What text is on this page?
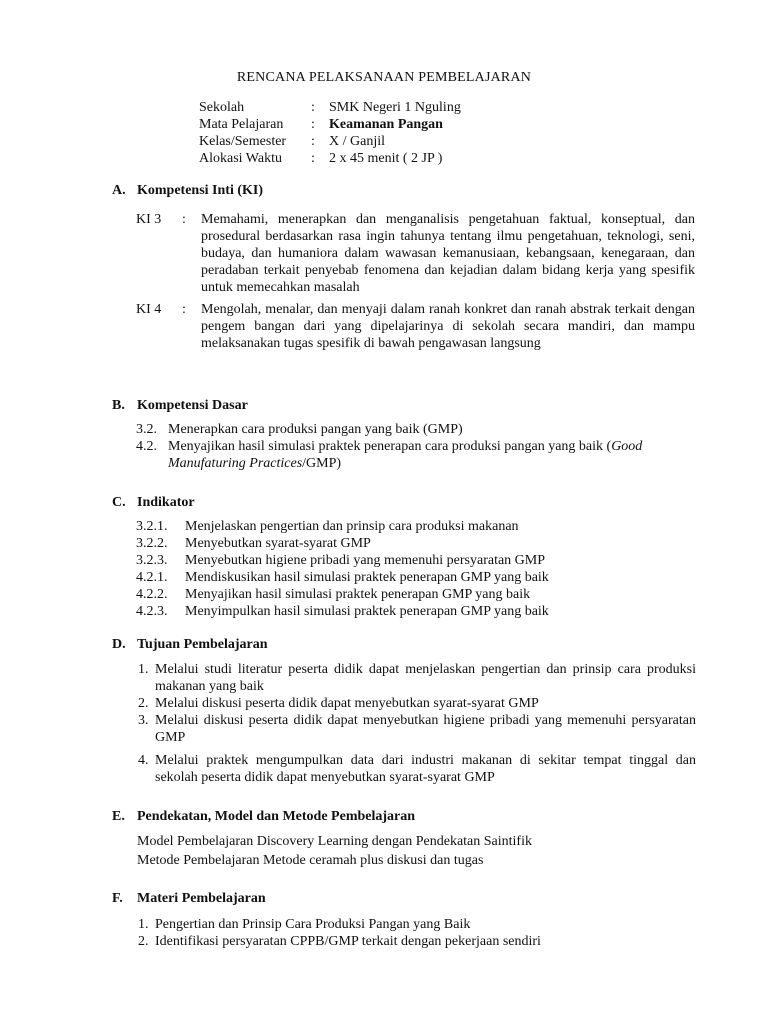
RENCANA PELAKSANAAN PEMBELAJARAN
Sekolah	: SMK Negeri 1 Nguling
Mata Pelajaran : Keamanan Pangan
Kelas/Semester : X / Ganjil
Alokasi Waktu : 2 x 45 menit ( 2 JP )
A. Kompetensi Inti (KI)
KI 3 : Memahami, menerapkan dan menganalisis pengetahuan faktual, konseptual, dan prosedural berdasarkan rasa ingin tahunya tentang ilmu pengetahuan, teknologi, seni, budaya, dan humaniora dalam wawasan kemanusiaan, kebangsaan, kenegaraan, dan peradaban terkait penyebab fenomena dan kejadian dalam bidang kerja yang spesifik untuk memecahkan masalah
KI 4 : Mengolah, menalar, dan menyaji dalam ranah konkret dan ranah abstrak terkait dengan pengem bangan dari yang dipelajarinya di sekolah secara mandiri, dan mampu melaksanakan tugas spesifik di bawah pengawasan langsung
B. Kompetensi Dasar
3.2. Menerapkan cara produksi pangan yang baik (GMP)
4.2. Menyajikan hasil simulasi praktek penerapan cara produksi pangan yang baik (Good Manufaturing Practices/GMP)
C. Indikator
3.2.1. Menjelaskan pengertian dan prinsip cara produksi makanan
3.2.2. Menyebutkan syarat-syarat GMP
3.2.3. Menyebutkan higiene pribadi yang memenuhi persyaratan GMP
4.2.1. Mendiskusikan hasil simulasi praktek penerapan GMP yang baik
4.2.2. Menyajikan hasil simulasi praktek penerapan GMP yang baik
4.2.3. Menyimpulkan hasil simulasi praktek penerapan GMP yang baik
D. Tujuan Pembelajaran
1. Melalui studi literatur peserta didik dapat menjelaskan pengertian dan prinsip cara produksi makanan yang baik
2. Melalui diskusi peserta didik dapat menyebutkan syarat-syarat GMP
3. Melalui diskusi peserta didik dapat menyebutkan higiene pribadi yang memenuhi persyaratan GMP
4. Melalui praktek mengumpulkan data dari industri makanan di sekitar tempat tinggal dan sekolah peserta didik dapat menyebutkan syarat-syarat GMP
E. Pendekatan, Model dan Metode Pembelajaran
Model Pembelajaran Discovery Learning dengan Pendekatan Saintifik
Metode Pembelajaran Metode ceramah plus diskusi dan tugas
F. Materi Pembelajaran
1. Pengertian dan Prinsip Cara Produksi Pangan yang Baik
2. Identifikasi persyaratan CPPB/GMP terkait dengan pekerjaan sendiri
